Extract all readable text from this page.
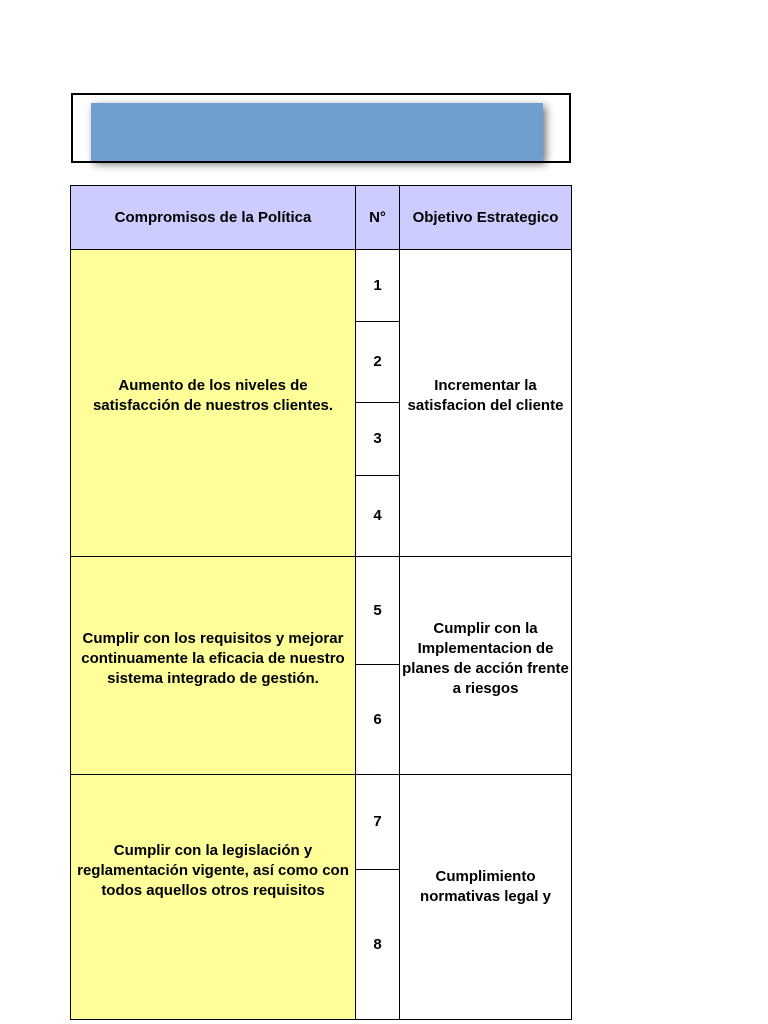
Compromisos de la Política	N°	Objetivo Estrategico
Aumento de los niveles de satisfacción de nuestros clientes.
1
2
3
4
Incrementar la satisfacion del cliente
Cumplir con los requisitos y mejorar continuamente la eficacia de nuestro sistema integrado de gestión.
5
6
Cumplir con la Implementacion de planes de acción frente a riesgos
Cumplir con la legislación y reglamentación vigente, así como con todos aquellos otros requisitos
7
8
Cumplimiento normativas legal y
